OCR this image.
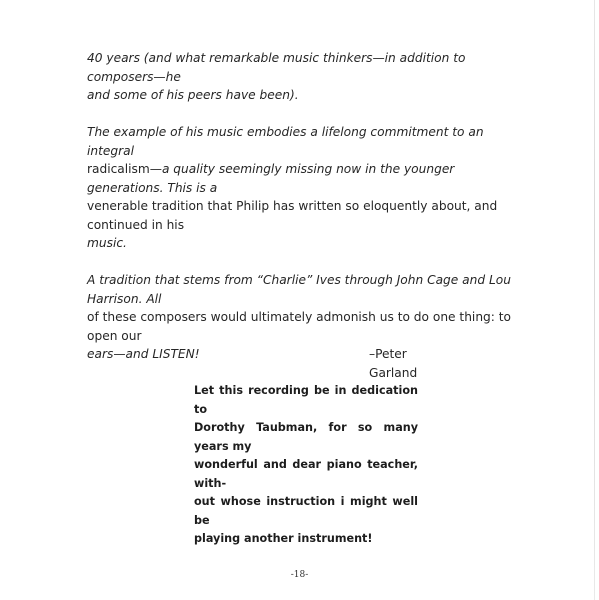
40 years (and what remarkable music thinkers—in addition to composers—he
and some of his peers have been).

The example of his music embodies a lifelong commitment to an integral
radicalism—a quality seemingly missing now in the younger generations. This is a
venerable tradition that Philip has written so eloquently about, and continued in his
music.

A tradition that stems from “Charlie” Ives through John Cage and Lou Harrison. All
of these composers would ultimately admonish us to do one thing: to open our
ears—and LISTEN!	–Peter Garland

Let this recording be in dedication to
Dorothy Taubman, for so many years my
wonderful and dear piano teacher, with-
out whose instruction i might well be
playing another instrument!
-18-
